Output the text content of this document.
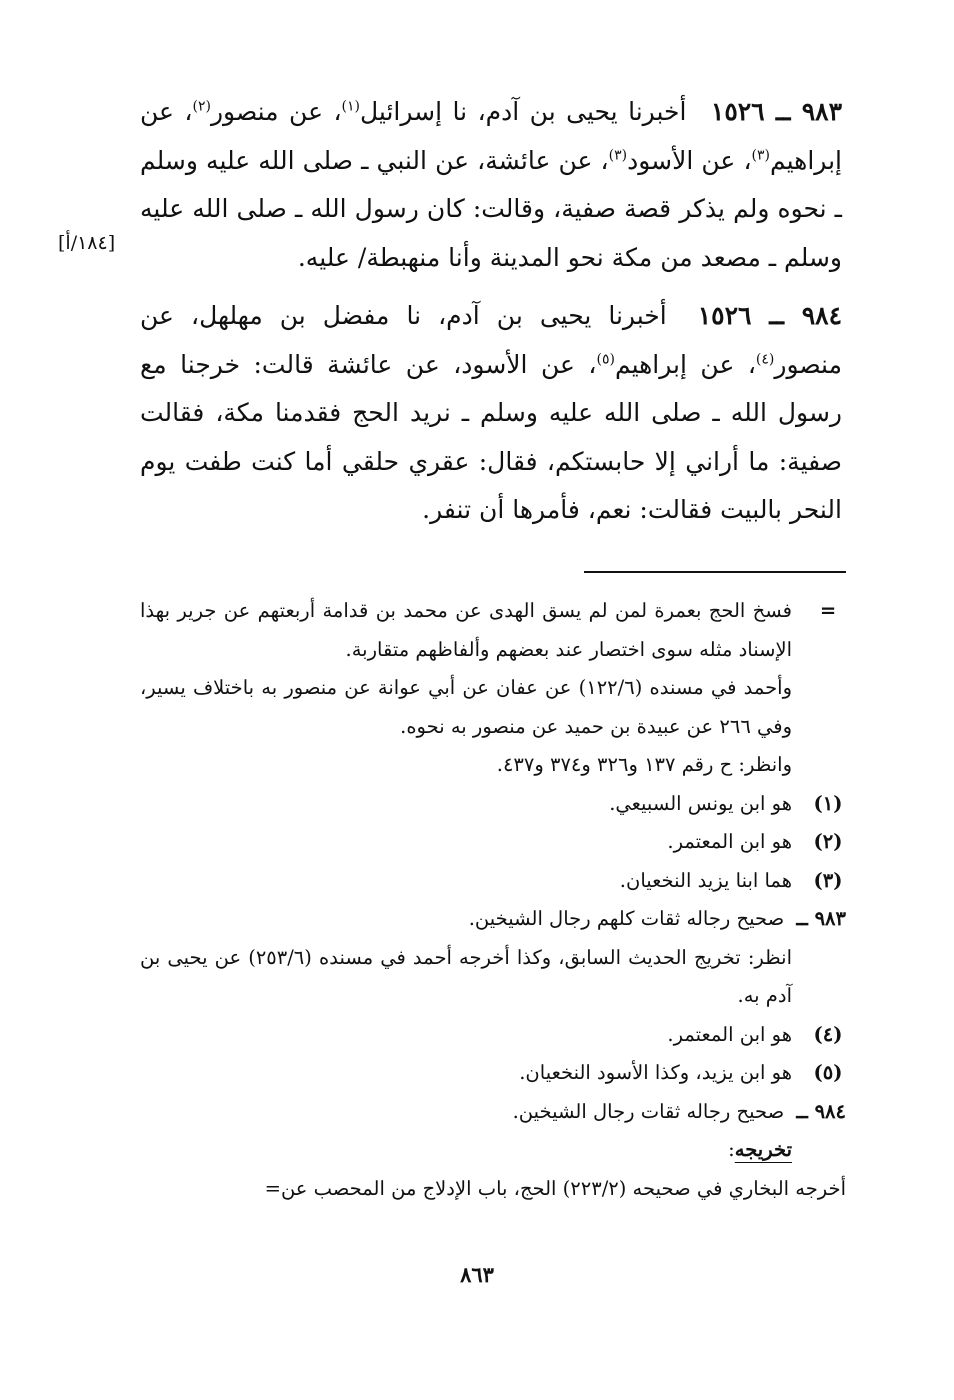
٩٨٣ ــ ١٥٢٦ أخبرنا يحيى بن آدم، نا إسرائيل$^{(١)}$، عن منصور$^{(٢)}$، عن إبراهيم$^{(٣)}$، عن الأسود$^{(٣)}$، عن عائشة، عن النبي ـ صلى الله عليه وسلم ـ نحوه ولم يذكر قصة صفية، وقالت: كان رسول الله ـ صلى الله عليه وسلم ـ مصعد من مكة نحو المدينة وأنا منهبطة/ عليه.

٩٨٤ ــ ١٥٢٦ أخبرنا يحيى بن آدم، نا مفضل بن مهلهل، عن منصور$^{(٤)}$، عن إبراهيم$^{(٥)}$، عن الأسود، عن عائشة قالت: خرجنا مع رسول الله ـ صلى الله عليه وسلم ـ نريد الحج فقدمنا مكة، فقالت صفية: ما أراني إلا حابستكم، فقال: عقري حلقي أما كنت طفت يوم النحر بالبيت فقالت: نعم، فأمرها أن تنفر.

[١٨٤/أ]
=
فسخ الحج بعمرة لمن لم يسق الهدى عن محمد بن قدامة أربعتهم عن جرير بهذا الإسناد مثله سوى اختصار عند بعضهم وألفاظهم متقاربة.
وأحمد في مسنده (١٢٢/٦) عن عفان عن أبي عوانة عن منصور به باختلاف يسير، وفي ٢٦٦ عن عبيدة بن حميد عن منصور به نحوه.
وانظر: ح رقم ١٣٧ و٣٢٦ و٣٧٤ و٤٣٧.
(١)
هو ابن يونس السبيعي.
(٢)
هو ابن المعتمر.
(٣)
هما ابنا يزيد النخعيان.
٩٨٣ ــ صحيح رجاله ثقات كلهم رجال الشيخين.
انظر: تخريج الحديث السابق، وكذا أخرجه أحمد في مسنده (٢٥٣/٦) عن يحيى بن آدم به.
(٤)
هو ابن المعتمر.
(٥)
هو ابن يزيد، وكذا الأسود النخعيان.
٩٨٤ ــ صحيح رجاله ثقات رجال الشيخين.
تخريجه:
أخرجه البخاري في صحيحه (٢٢٣/٢) الحج، باب الإدلاج من المحصب عن=
٨٦٣
